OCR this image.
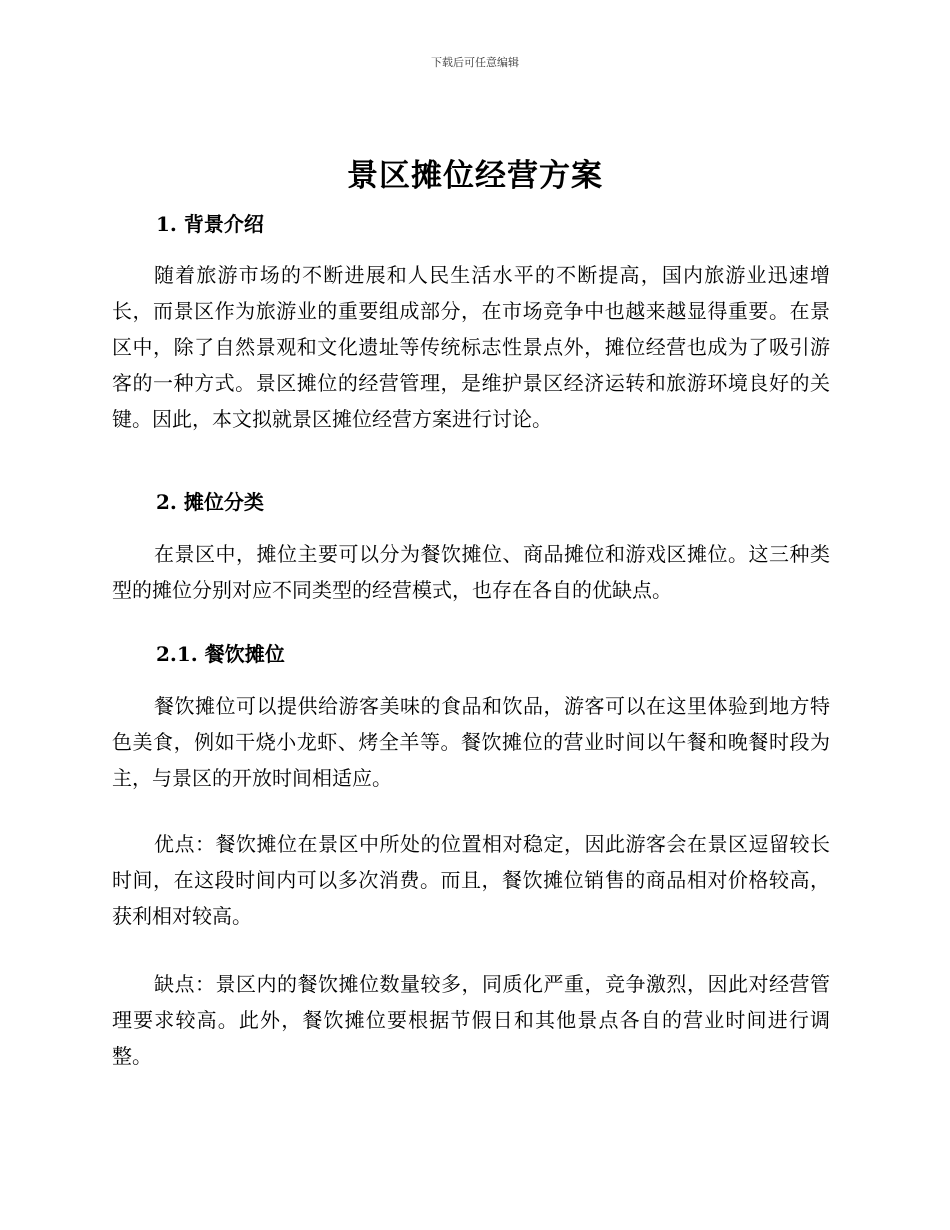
下载后可任意编辑
景区摊位经营方案
1. 背景介绍
随着旅游市场的不断进展和人民生活水平的不断提高，国内旅游业迅速增长，而景区作为旅游业的重要组成部分，在市场竞争中也越来越显得重要。在景区中，除了自然景观和文化遗址等传统标志性景点外，摊位经营也成为了吸引游客的一种方式。景区摊位的经营管理，是维护景区经济运转和旅游环境良好的关键。因此，本文拟就景区摊位经营方案进行讨论。
2. 摊位分类
在景区中，摊位主要可以分为餐饮摊位、商品摊位和游戏区摊位。这三种类型的摊位分别对应不同类型的经营模式，也存在各自的优缺点。
2.1. 餐饮摊位
餐饮摊位可以提供给游客美味的食品和饮品，游客可以在这里体验到地方特色美食，例如干烧小龙虾、烤全羊等。餐饮摊位的营业时间以午餐和晚餐时段为主，与景区的开放时间相适应。
优点：餐饮摊位在景区中所处的位置相对稳定，因此游客会在景区逗留较长时间，在这段时间内可以多次消费。而且，餐饮摊位销售的商品相对价格较高，获利相对较高。
缺点：景区内的餐饮摊位数量较多，同质化严重，竞争激烈，因此对经营管理要求较高。此外，餐饮摊位要根据节假日和其他景点各自的营业时间进行调整。
